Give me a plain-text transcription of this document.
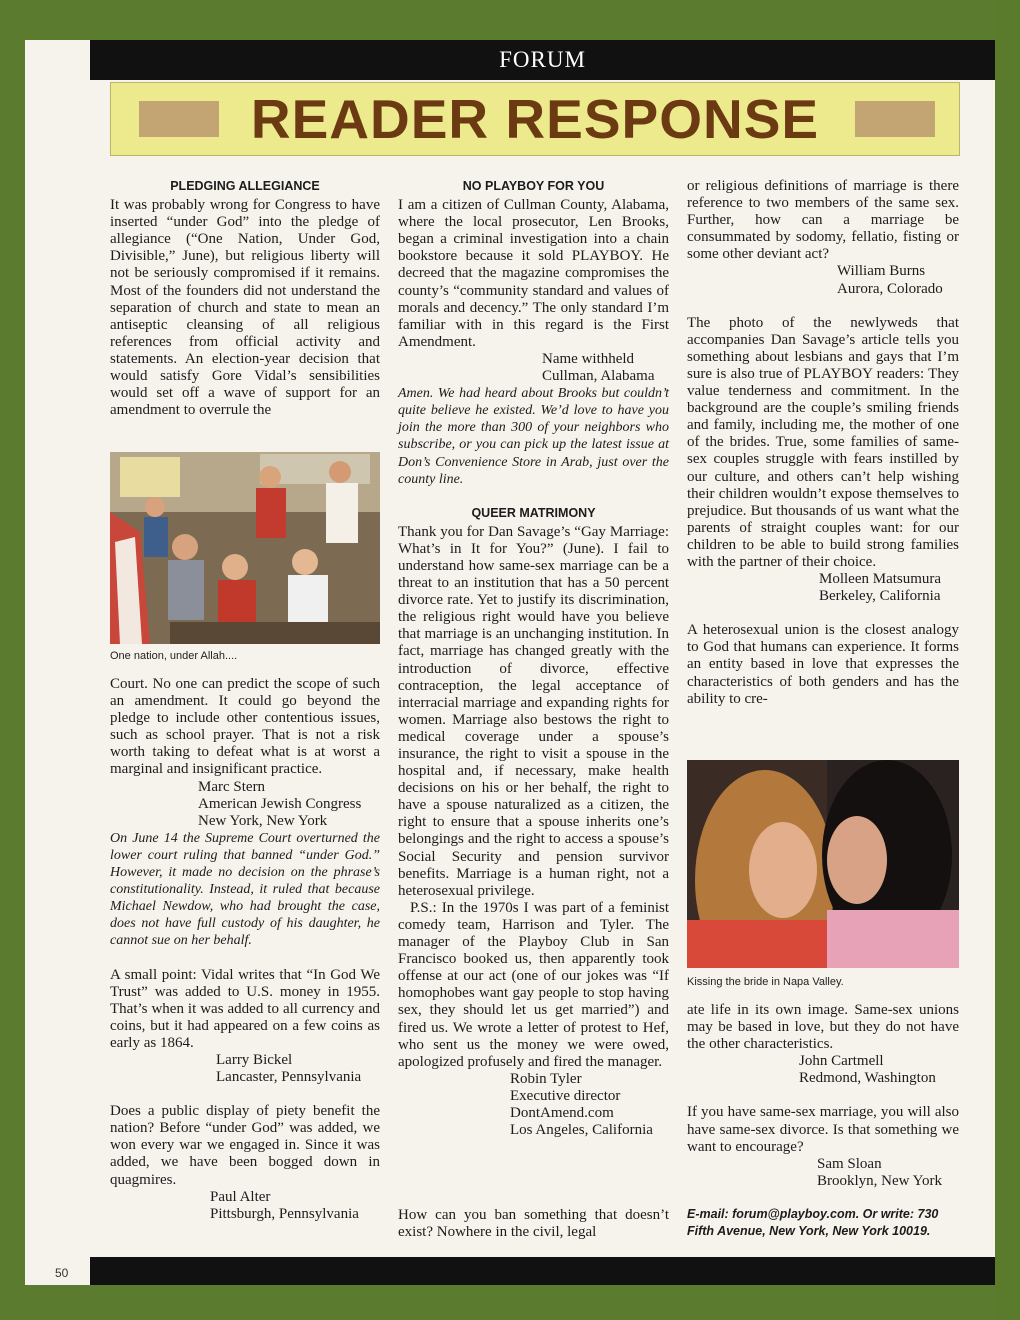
FORUM
READER RESPONSE
PLEDGING ALLEGIANCE

It was probably wrong for Congress to have inserted “under God” into the pledge of allegiance (“One Nation, Under God, Divisible,” June), but religious liberty will not be seriously compromised if it remains. Most of the founders did not understand the separation of church and state to mean an antiseptic cleansing of all religious references from official activity and statements. An election-year decision that would satisfy Gore Vidal’s sensibilities would set off a wave of support for an amendment to overrule the

One nation, under Allah....

Court. No one can predict the scope of such an amendment. It could go beyond the pledge to include other contentious issues, such as school prayer. That is not a risk worth taking to defeat what is at worst a marginal and insignificant practice.

Marc Stern
American Jewish Congress
New York, New York

On June 14 the Supreme Court overturned the lower court ruling that banned “under God.” However, it made no decision on the phrase’s constitutionality. Instead, it ruled that because Michael Newdow, who had brought the case, does not have full custody of his daughter, he cannot sue on her behalf.

A small point: Vidal writes that “In God We Trust” was added to U.S. money in 1955. That’s when it was added to all currency and coins, but it had appeared on a few coins as early as 1864.

Larry Bickel
Lancaster, Pennsylvania

Does a public display of piety benefit the nation? Before “under God” was added, we won every war we engaged in. Since it was added, we have been bogged down in quagmires.

Paul Alter
Pittsburgh, Pennsylvania
NO PLAYBOY FOR YOU

I am a citizen of Cullman County, Alabama, where the local prosecutor, Len Brooks, began a criminal investigation into a chain bookstore because it sold PLAYBOY. He decreed that the magazine compromises the county’s “community standard and values of morals and decency.” The only standard I’m familiar with in this regard is the First Amendment.

Name withheld
Cullman, Alabama

Amen. We had heard about Brooks but couldn’t quite believe he existed. We’d love to have you join the more than 300 of your neighbors who subscribe, or you can pick up the latest issue at Don’s Convenience Store in Arab, just over the county line.

QUEER MATRIMONY

Thank you for Dan Savage’s “Gay Marriage: What’s in It for You?” (June). I fail to understand how same-sex marriage can be a threat to an institution that has a 50 percent divorce rate. Yet to justify its discrimination, the religious right would have you believe that marriage is an unchanging institution. In fact, marriage has changed greatly with the introduction of divorce, effective contraception, the legal acceptance of interracial marriage and expanding rights for women. Marriage also bestows the right to medical coverage under a spouse’s insurance, the right to visit a spouse in the hospital and, if necessary, make health decisions on his or her behalf, the right to have a spouse naturalized as a citizen, the right to ensure that a spouse inherits one’s belongings and the right to access a spouse’s Social Security and pension survivor benefits. Marriage is a human right, not a heterosexual privilege.

P.S.: In the 1970s I was part of a feminist comedy team, Harrison and Tyler. The manager of the Playboy Club in San Francisco booked us, then apparently took offense at our act (one of our jokes was “If homophobes want gay people to stop having sex, they should let us get married”) and fired us. We wrote a letter of protest to Hef, who sent us the money we were owed, apologized profusely and fired the manager.

Robin Tyler
Executive director
DontAmend.com
Los Angeles, California

How can you ban something that doesn’t exist? Nowhere in the civil, legal

or religious definitions of marriage is there reference to two members of the same sex. Further, how can a marriage be consummated by sodomy, fellatio, fisting or some other deviant act?

William Burns
Aurora, Colorado

The photo of the newlyweds that accompanies Dan Savage’s article tells you something about lesbians and gays that I’m sure is also true of PLAYBOY readers: They value tenderness and commitment. In the background are the couple’s smiling friends and family, including me, the mother of one of the brides. True, some families of same-sex couples struggle with fears instilled by our culture, and others can’t help wishing their children wouldn’t expose themselves to prejudice. But thousands of us want what the parents of straight couples want: for our children to be able to build strong families with the partner of their choice.

Molleen Matsumura
Berkeley, California

A heterosexual union is the closest analogy to God that humans can experience. It forms an entity based in love that expresses the characteristics of both genders and has the ability to cre-

Kissing the bride in Napa Valley.

ate life in its own image. Same-sex unions may be based in love, but they do not have the other characteristics.

John Cartmell
Redmond, Washington

If you have same-sex marriage, you will also have same-sex divorce. Is that something we want to encourage?

Sam Sloan
Brooklyn, New York
E-mail: forum@playboy.com. Or write: 730 Fifth Avenue, New York, New York 10019.
50
